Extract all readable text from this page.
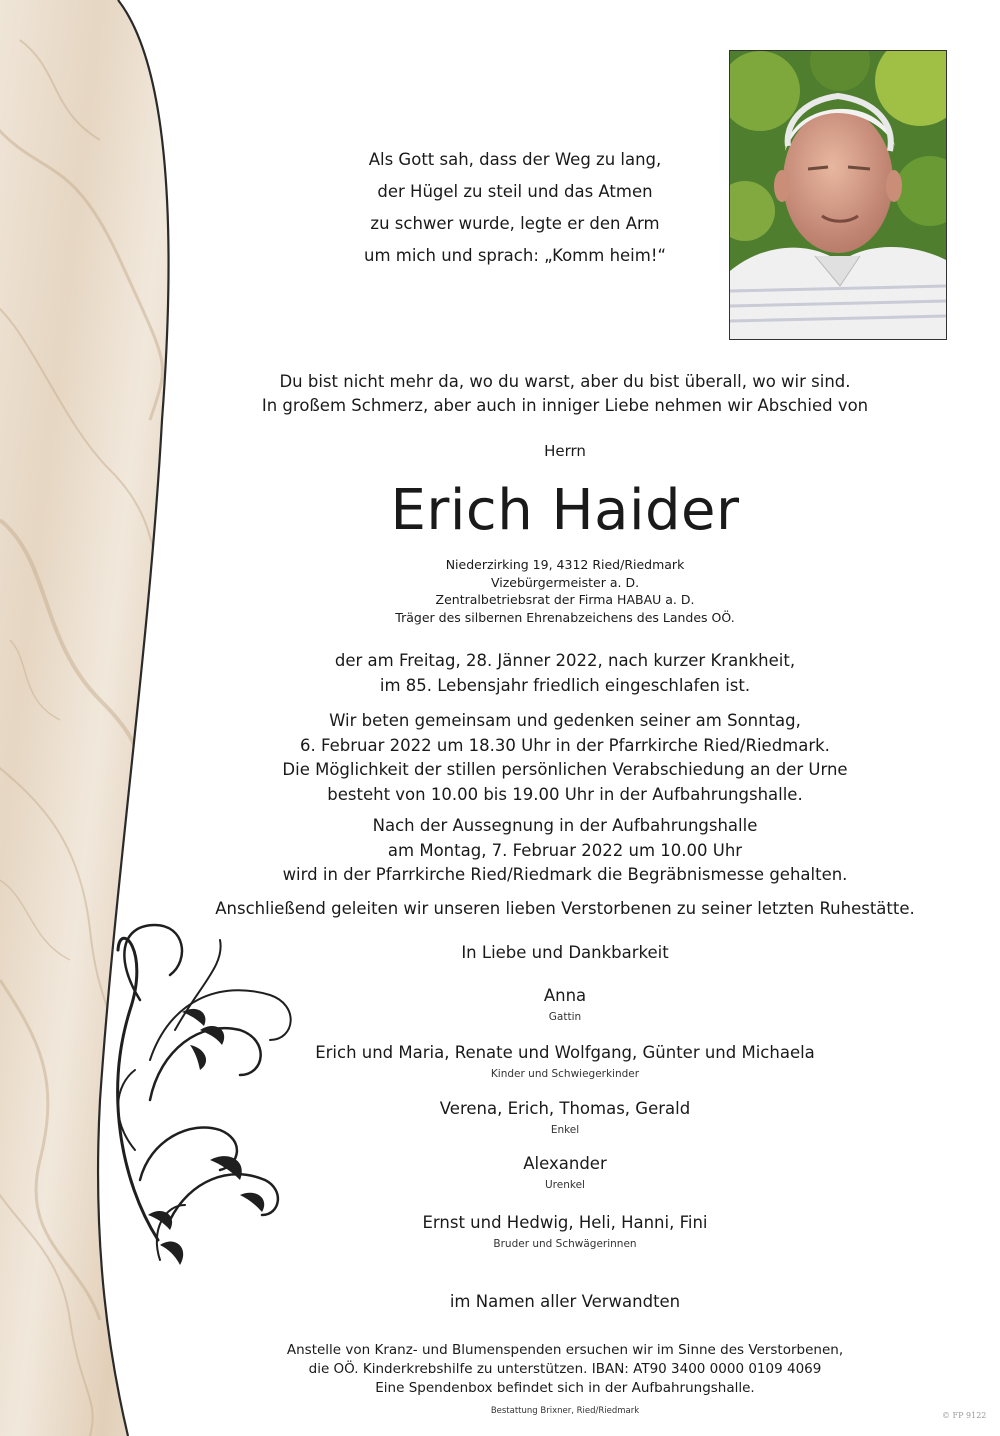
Als Gott sah, dass der Weg zu lang,
der Hügel zu steil und das Atmen
zu schwer wurde, legte er den Arm
um mich und sprach: „Komm heim!“
Du bist nicht mehr da, wo du warst, aber du bist überall, wo wir sind.
In großem Schmerz, aber auch in inniger Liebe nehmen wir Abschied von
Herrn
Erich Haider
Niederzirking 19, 4312 Ried/Riedmark
Vizebürgermeister a. D.
Zentralbetriebsrat der Firma HABAU a. D.
Träger des silbernen Ehrenabzeichens des Landes OÖ.
der am Freitag, 28. Jänner 2022, nach kurzer Krankheit,
im 85. Lebensjahr friedlich eingeschlafen ist.
Wir beten gemeinsam und gedenken seiner am Sonntag,
6. Februar 2022 um 18.30 Uhr in der Pfarrkirche Ried/Riedmark.
Die Möglichkeit der stillen persönlichen Verabschiedung an der Urne
besteht von 10.00 bis 19.00 Uhr in der Aufbahrungshalle.
Nach der Aussegnung in der Aufbahrungshalle
am Montag, 7. Februar 2022 um 10.00 Uhr
wird in der Pfarrkirche Ried/Riedmark die Begräbnismesse gehalten.
Anschließend geleiten wir unseren lieben Verstorbenen zu seiner letzten Ruhestätte.
In Liebe und Dankbarkeit
Anna
Gattin
Erich und Maria, Renate und Wolfgang, Günter und Michaela
Kinder und Schwiegerkinder
Verena, Erich, Thomas, Gerald
Enkel
Alexander
Urenkel
Ernst und Hedwig, Heli, Hanni, Fini
Bruder und Schwägerinnen
im Namen aller Verwandten
Anstelle von Kranz- und Blumenspenden ersuchen wir im Sinne des Verstorbenen,
die OÖ. Kinderkrebshilfe zu unterstützen. IBAN: AT90 3400 0000 0109 4069
Eine Spendenbox befindet sich in der Aufbahrungshalle.
Bestattung Brixner, Ried/Riedmark	© FP 9122
